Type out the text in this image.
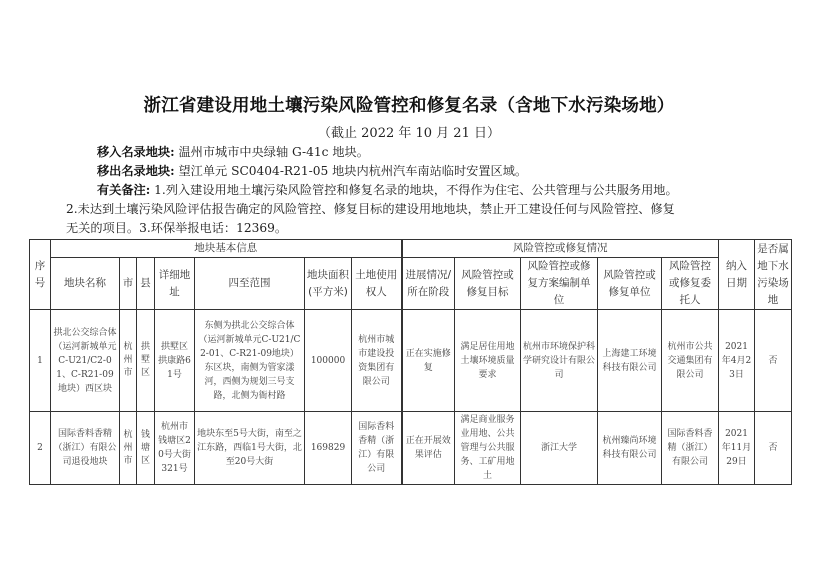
浙江省建设用地土壤污染风险管控和修复名录（含地下水污染场地）
（截止 2022 年 10 月 21 日）
移入名录地块: 温州市城市中央绿轴 G-41c 地块。
移出名录地块: 望江单元 SC0404-R21-05 地块内杭州汽车南站临时安置区域。
有关备注: 1.列入建设用地土壤污染风险管控和修复名录的地块，不得作为住宅、公共管理与公共服务用地。
2.未达到土壤污染风险评估报告确定的风险管控、修复目标的建设用地地块，禁止开工建设任何与风险管控、修复
无关的项目。3.环保举报电话：12369。
序号	地块基本信息							风险管控或修复情况					纳入日期	是否属地下水污染场地
	地块名称	市	县	详细地址	四至范围	地块面积(平方米)	土地使用权人	进展情况/所在阶段	风险管控或修复目标	风险管控或修复方案编制单位	风险管控或修复单位	风险管控或修复委托人		
1	拱北公交综合体（运河新城单元C-U21/C2-01、C-R21-09地块）西区块	杭州市	拱墅区	拱墅区拱康路61号	东侧为拱北公交综合体（运河新城单元C-U21/C2-01、C-R21-09地块）东区块，南侧为管家漾河，西侧为规划三号支路，北侧为衙村路	100000	杭州市城市建设投资集团有限公司	正在实施修复	满足居住用地土壤环境质量要求	杭州市环境保护科学研究设计有限公司	上海建工环境科技有限公司	杭州市公共交通集团有限公司	2021年4月23日	否
2	国际香料香精（浙江）有限公司退役地块	杭州市	钱塘区	杭州市钱塘区20号大街321号	地块东至5号大街，南至之江东路，西临1号大街，北至20号大街	169829	国际香料香精（浙江）有限公司	正在开展效果评估	满足商业服务业用地、公共管理与公共服务、工矿用地土	浙江大学	杭州臻尚环境科技有限公司	国际香料香精（浙江）有限公司	2021年11月29日	否
